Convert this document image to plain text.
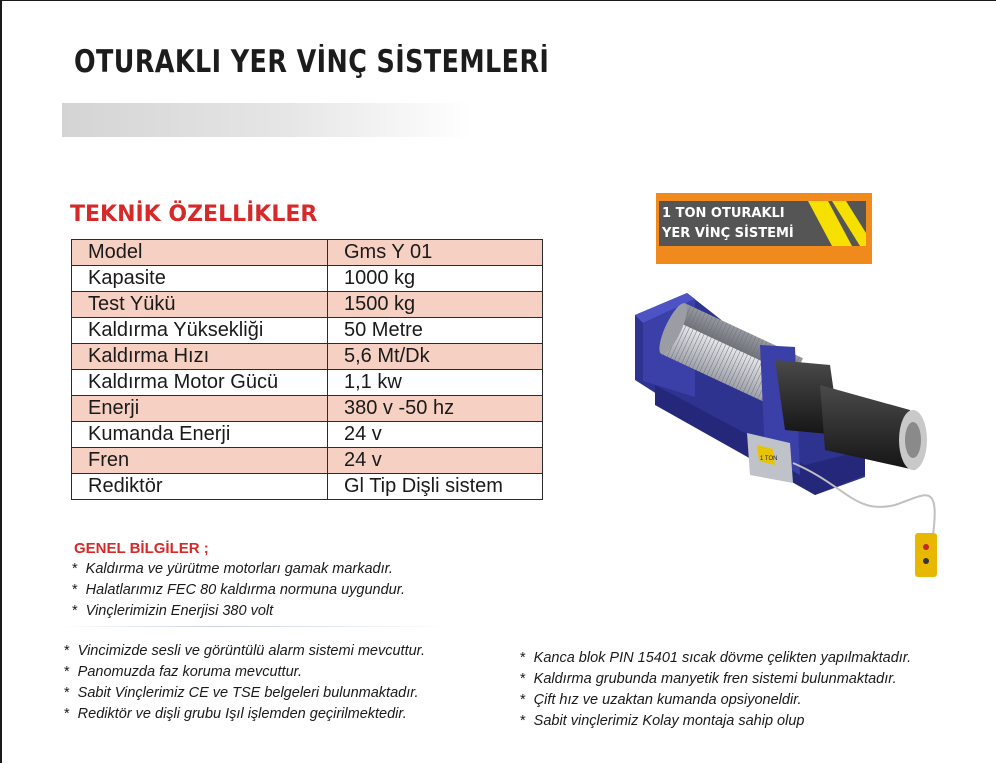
OTURAKLI YER VİNÇ SİSTEMLERİ
TEKNİK ÖZELLİKLER
Model	Gms Y 01
Kapasite	1000 kg
Test Yükü	1500 kg
Kaldırma Yüksekliği	50 Metre
Kaldırma Hızı	5,6 Mt/Dk
Kaldırma Motor Gücü	1,1 kw
Enerji	380 v -50 hz
Kumanda Enerji	24 v
Fren	24 v
Rediktör	Gl Tip Dişli sistem
GENEL BİLGİLER ;
* Kaldırma ve yürütme motorları gamak markadır.
* Halatlarımız FEC 80 kaldırma normuna uygundur.
* Vinçlerimizin Enerjisi 380 volt
* Vincimizde sesli ve görüntülü alarm sistemi mevcuttur.
* Panomuzda faz koruma mevcuttur.
* Sabit Vinçlerimiz CE ve TSE belgeleri bulunmaktadır.
* Rediktör ve dişli grubu Işıl işlemden geçirilmektedir.
* Kanca blok PIN 15401 sıcak dövme çelikten yapılmaktadır.
* Kaldırma grubunda manyetik fren sistemi bulunmaktadır.
* Çift hız ve uzaktan kumanda opsiyoneldir.
* Sabit vinçlerimiz Kolay montaja sahip olup
1 TON OTURAKLI
YER VİNÇ SİSTEMİ
1 TON
